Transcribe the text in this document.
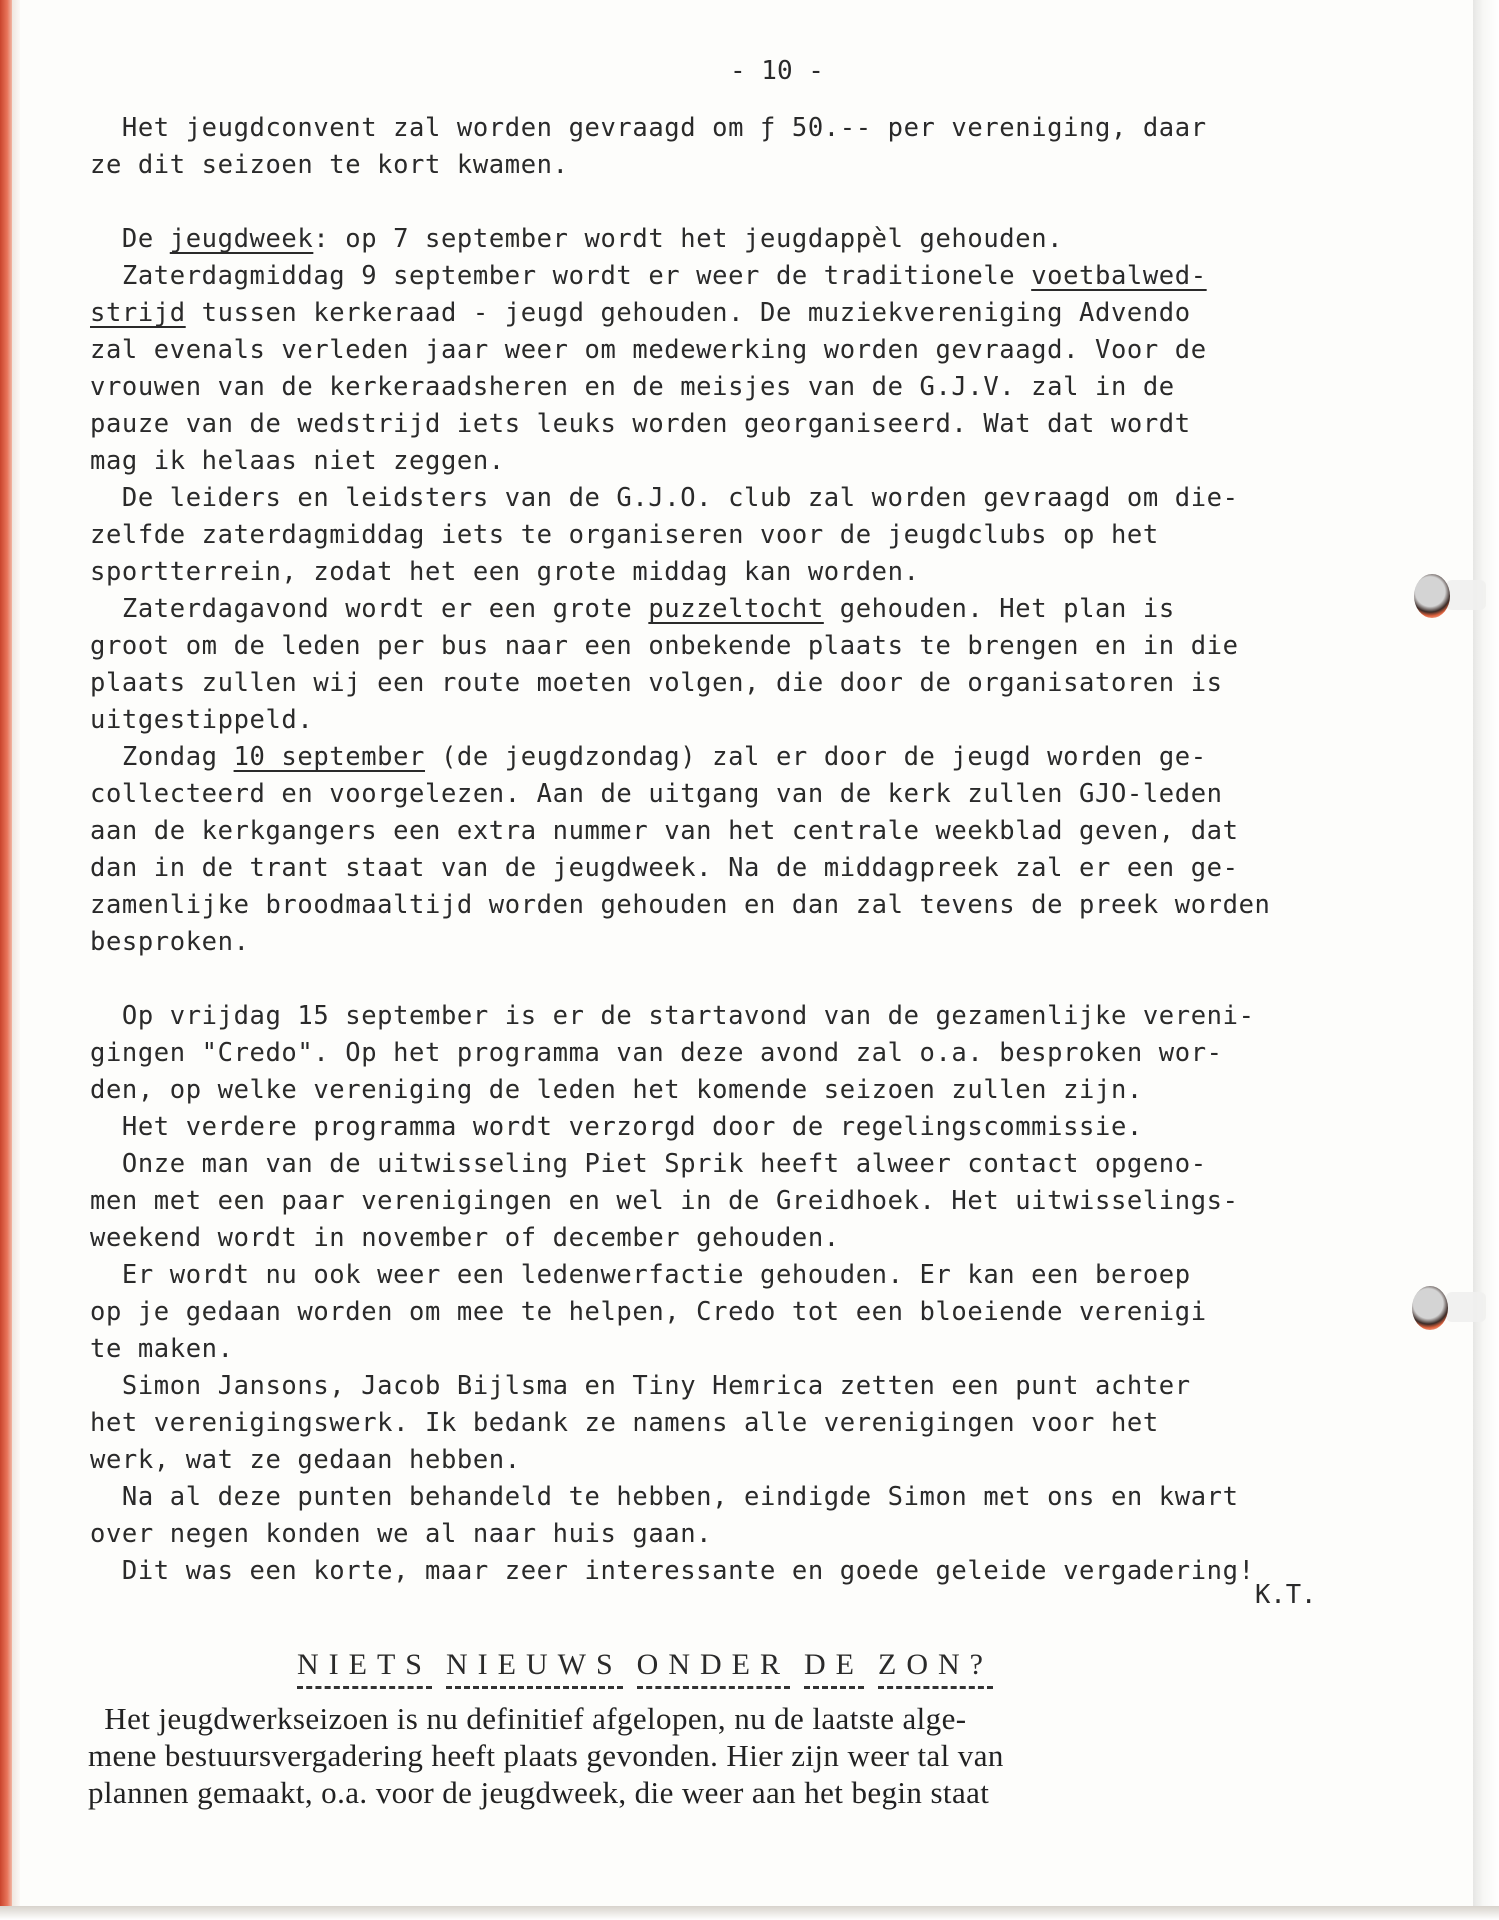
- 10 -
Het jeugdconvent zal worden gevraagd om ƒ 50.-- per vereniging, daar
ze dit seizoen te kort kwamen.
De jeugdweek: op 7 september wordt het jeugdappèl gehouden.
Zaterdagmiddag 9 september wordt er weer de traditionele voetbalwed-
strijd tussen kerkeraad - jeugd gehouden. De muziekvereniging Advendo
zal evenals verleden jaar weer om medewerking worden gevraagd. Voor de
vrouwen van de kerkeraadsheren en de meisjes van de G.J.V. zal in de
pauze van de wedstrijd iets leuks worden georganiseerd. Wat dat wordt
mag ik helaas niet zeggen.
De leiders en leidsters van de G.J.O. club zal worden gevraagd om die-
zelfde zaterdagmiddag iets te organiseren voor de jeugdclubs op het
sportterrein, zodat het een grote middag kan worden.
Zaterdagavond wordt er een grote puzzeltocht gehouden. Het plan is
groot om de leden per bus naar een onbekende plaats te brengen en in die
plaats zullen wij een route moeten volgen, die door de organisatoren is
uitgestippeld.
Zondag 10 september (de jeugdzondag) zal er door de jeugd worden ge-
collecteerd en voorgelezen. Aan de uitgang van de kerk zullen GJO-leden
aan de kerkgangers een extra nummer van het centrale weekblad geven, dat
dan in de trant staat van de jeugdweek. Na de middagpreek zal er een ge-
zamenlijke broodmaaltijd worden gehouden en dan zal tevens de preek worden
besproken.
Op vrijdag 15 september is er de startavond van de gezamenlijke vereni-
gingen "Credo". Op het programma van deze avond zal o.a. besproken wor-
den, op welke vereniging de leden het komende seizoen zullen zijn.
Het verdere programma wordt verzorgd door de regelingscommissie.
Onze man van de uitwisseling Piet Sprik heeft alweer contact opgeno-
men met een paar verenigingen en wel in de Greidhoek. Het uitwisselings-
weekend wordt in november of december gehouden.
Er wordt nu ook weer een ledenwerfactie gehouden. Er kan een beroep
op je gedaan worden om mee te helpen, Credo tot een bloeiende verenigi
te maken.
Simon Jansons, Jacob Bijlsma en Tiny Hemrica zetten een punt achter
het verenigingswerk. Ik bedank ze namens alle verenigingen voor het
werk, wat ze gedaan hebben.
Na al deze punten behandeld te hebben, eindigde Simon met ons en kwart
over negen konden we al naar huis gaan.
Dit was een korte, maar zeer interessante en goede geleide vergadering!
K.T.
NIETS NIEUWS ONDER DE ZON?
Het jeugdwerkseizoen is nu definitief afgelopen, nu de laatste alge-
mene bestuursvergadering heeft plaats gevonden. Hier zijn weer tal van
plannen gemaakt, o.a. voor de jeugdweek, die weer aan het begin staat
